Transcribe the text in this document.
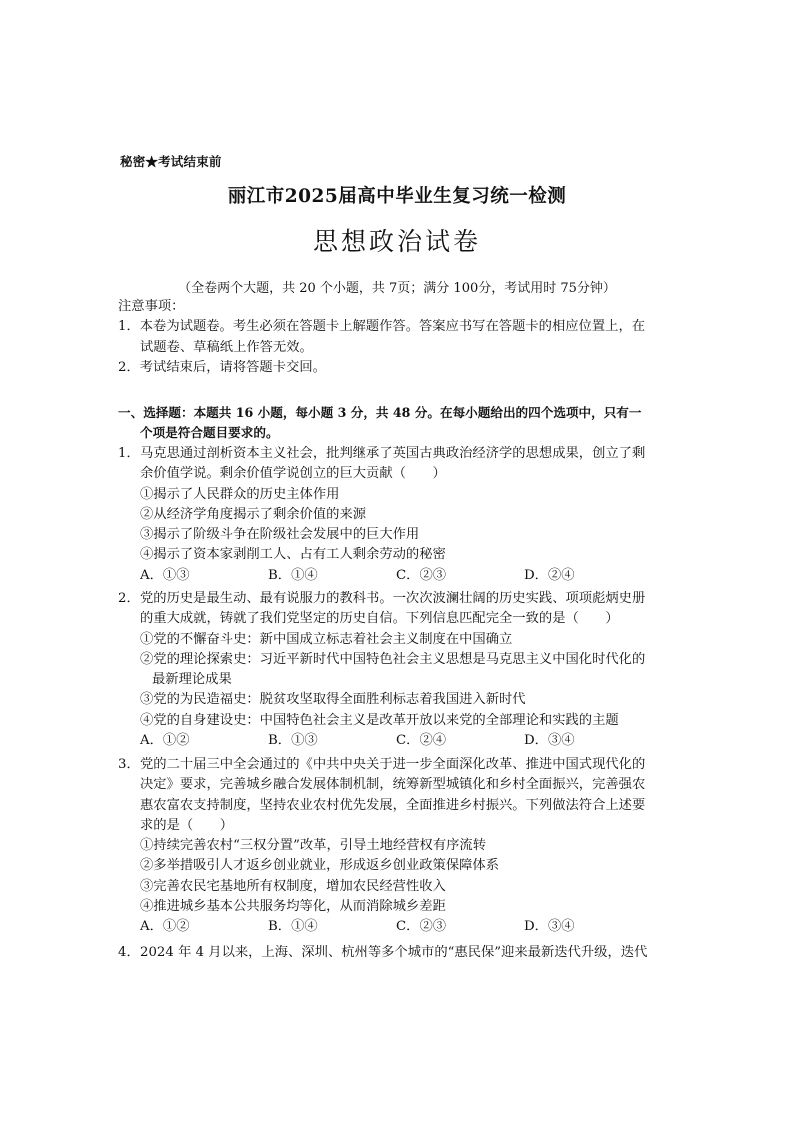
秘密★考试结束前
丽江市2025届高中毕业生复习统一检测
思想政治试卷
（全卷两个大题，共 20 个小题，共 7页；满分 100分，考试用时 75分钟）
注意事项：
1．本卷为试题卷。考生必须在答题卡上解题作答。答案应书写在答题卡的相应位置上，在
试题卷、草稿纸上作答无效。
2．考试结束后，请将答题卡交回。
一、选择题：本题共 16 小题，每小题 3 分，共 48 分。在每小题给出的四个选项中，只有一
个项是符合题目要求的。
1．马克思通过剖析资本主义社会，批判继承了英国古典政治经济学的思想成果，创立了剩
余价值学说。剩余价值学说创立的巨大贡献（　　）
①揭示了人民群众的历史主体作用
②从经济学角度揭示了剩余价值的来源
③揭示了阶级斗争在阶级社会发展中的巨大作用
④揭示了资本家剥削工人、占有工人剩余劳动的秘密
A．①③	B．①④	C．②③	D．②④
2．党的历史是最生动、最有说服力的教科书。一次次波澜壮阔的历史实践、项项彪炳史册
的重大成就，铸就了我们党坚定的历史自信。下列信息匹配完全一致的是（　　）
①党的不懈奋斗史：新中国成立标志着社会主义制度在中国确立
②党的理论探索史：习近平新时代中国特色社会主义思想是马克思主义中国化时代化的
最新理论成果
③党的为民造福史：脱贫攻坚取得全面胜利标志着我国进入新时代
④党的自身建设史：中国特色社会主义是改革开放以来党的全部理论和实践的主题
A．①②	B．①③	C．②④	D．③④
3．党的二十届三中全会通过的《中共中央关于进一步全面深化改革、推进中国式现代化的
决定》要求，完善城乡融合发展体制机制，统筹新型城镇化和乡村全面振兴，完善强农
惠农富农支持制度，坚持农业农村优先发展，全面推进乡村振兴。下列做法符合上述要
求的是（　　）
①持续完善农村“三权分置”改革，引导土地经营权有序流转
②多举措吸引人才返乡创业就业，形成返乡创业政策保障体系
③完善农民宅基地所有权制度，增加农民经营性收入
④推进城乡基本公共服务均等化，从而消除城乡差距
A．①②	B．①④	C．②③	D．③④
4．2024 年 4 月以来，上海、深圳、杭州等多个城市的“惠民保”迎来最新迭代升级，迭代
